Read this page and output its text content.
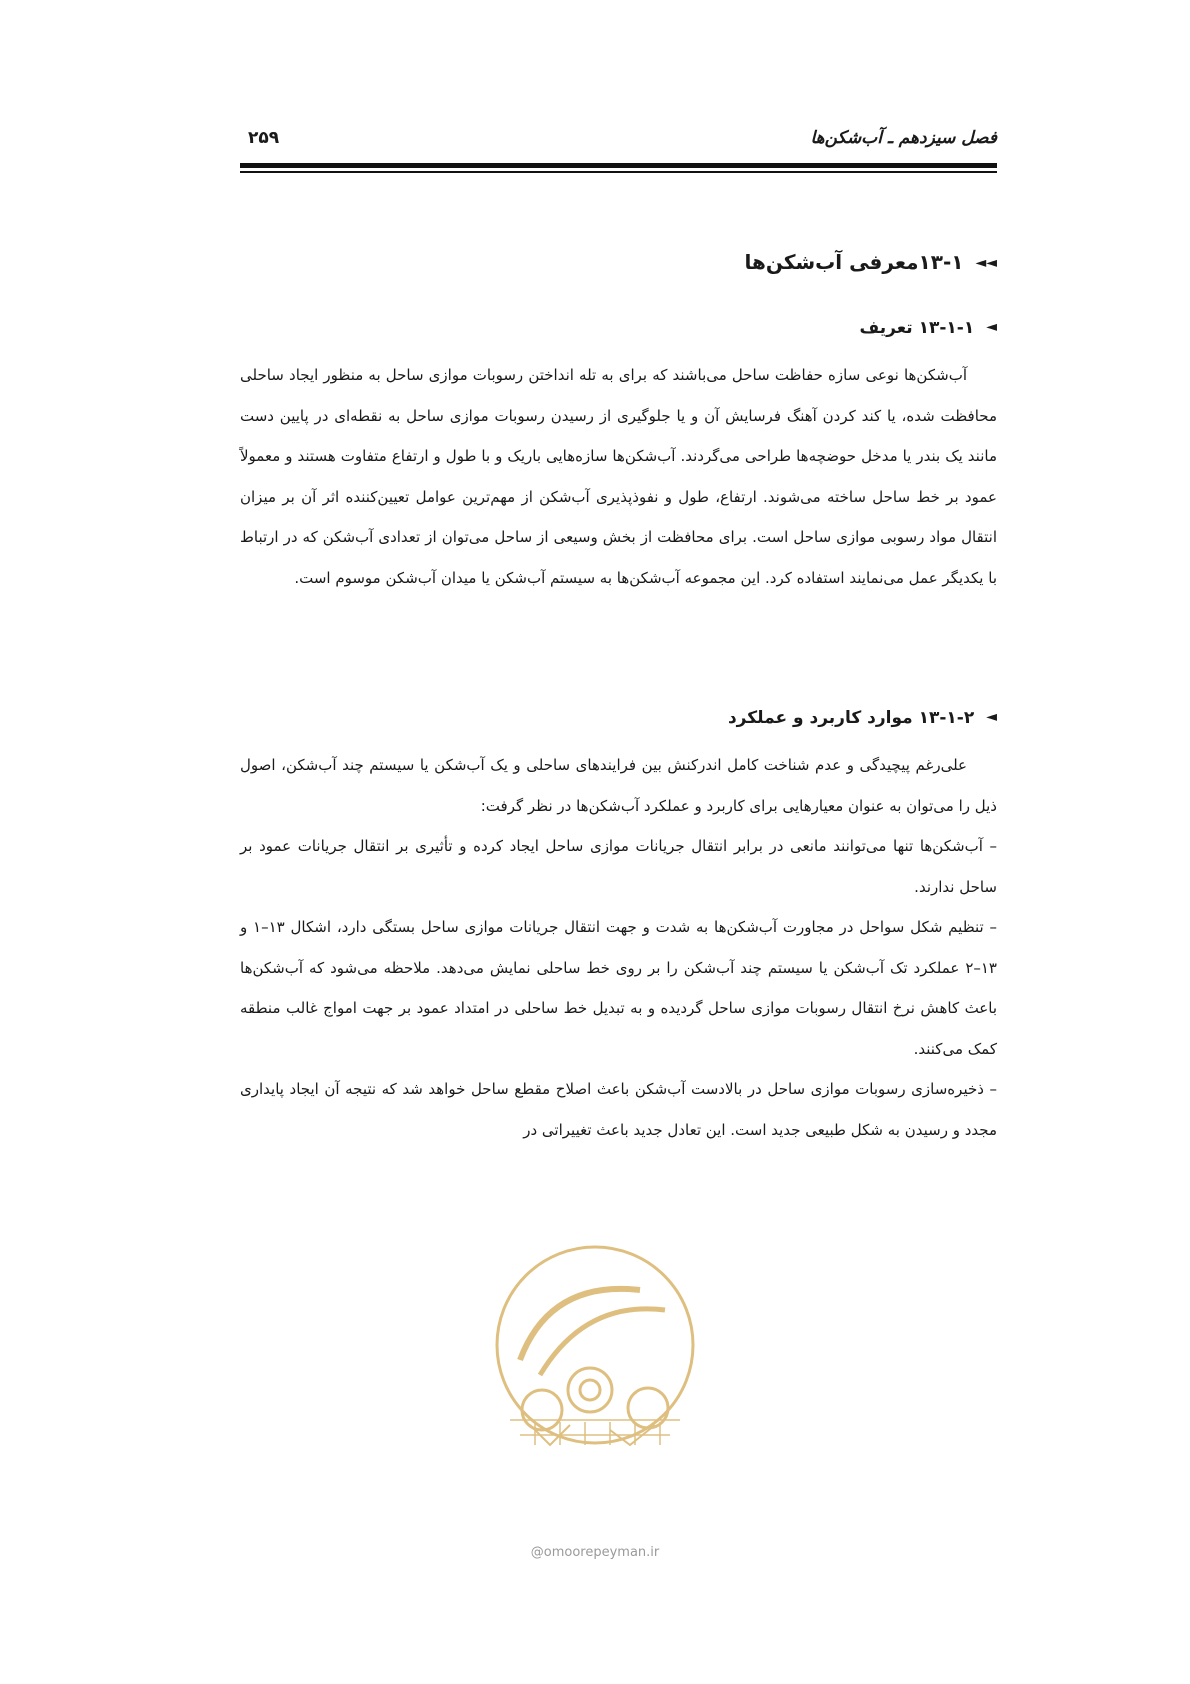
فصل سیزدهم ـ آب‌شکن‌ها
۲۵۹
◄◄۱۳-۱معرفی آب‌شکن‌ها
◄۱۳-۱-۱ تعریف

آب‌شکن‌ها نوعی سازه حفاظت ساحل می‌باشند که برای به تله انداختن رسوبات موازی ساحل به منظور ایجاد ساحلی محافظت شده، یا کند کردن آهنگ فرسایش آن و یا جلوگیری از رسیدن رسوبات موازی ساحل به نقطه‌ای در پایین دست مانند یک بندر یا مدخل حوضچه‌ها طراحی می‌گردند. آب‌شکن‌ها سازه‌هایی باریک و با طول و ارتفاع متفاوت هستند و معمولاً عمود بر خط ساحل ساخته می‌شوند. ارتفاع، طول و نفوذپذیری آب‌شکن از مهم‌ترین عوامل تعیین‌کننده اثر آن بر میزان انتقال مواد رسوبی موازی ساحل است. برای محافظت از بخش وسیعی از ساحل می‌توان از تعدادی آب‌شکن که در ارتباط با یکدیگر عمل می‌نمایند استفاده کرد. این مجموعه آب‌شکن‌ها به سیستم آب‌شکن یا میدان آب‌شکن موسوم است.

◄۱۳-۱-۲ موارد کاربرد و عملکرد

علی‌رغم پیچیدگی و عدم شناخت کامل اندرکنش بین فرایندهای ساحلی و یک آب‌شکن یا سیستم چند آب‌شکن، اصول ذیل را می‌توان به عنوان معیارهایی برای کاربرد و عملکرد آب‌شکن‌ها در نظر گرفت:

– آب‌شکن‌ها تنها می‌توانند مانعی در برابر انتقال جریانات موازی ساحل ایجاد کرده و تأثیری بر انتقال جریانات عمود بر ساحل ندارند.

– تنظیم شکل سواحل در مجاورت آب‌شکن‌ها به شدت و جهت انتقال جریانات موازی ساحل بستگی دارد، اشکال ۱۳–۱ و ۱۳–۲ عملکرد تک آب‌شکن یا سیستم چند آب‌شکن را بر روی خط ساحلی نمایش می‌دهد. ملاحظه می‌شود که آب‌شکن‌ها باعث کاهش نرخ انتقال رسوبات موازی ساحل گردیده و به تبدیل خط ساحلی در امتداد عمود بر جهت امواج غالب منطقه کمک می‌کنند.

– ذخیره‌سازی رسوبات موازی ساحل در بالادست آب‌شکن باعث اصلاح مقطع ساحل خواهد شد که نتیجه آن ایجاد پایداری مجدد و رسیدن به شکل طبیعی جدید است. این تعادل جدید باعث تغییراتی در

@omoorepeyman.ir
